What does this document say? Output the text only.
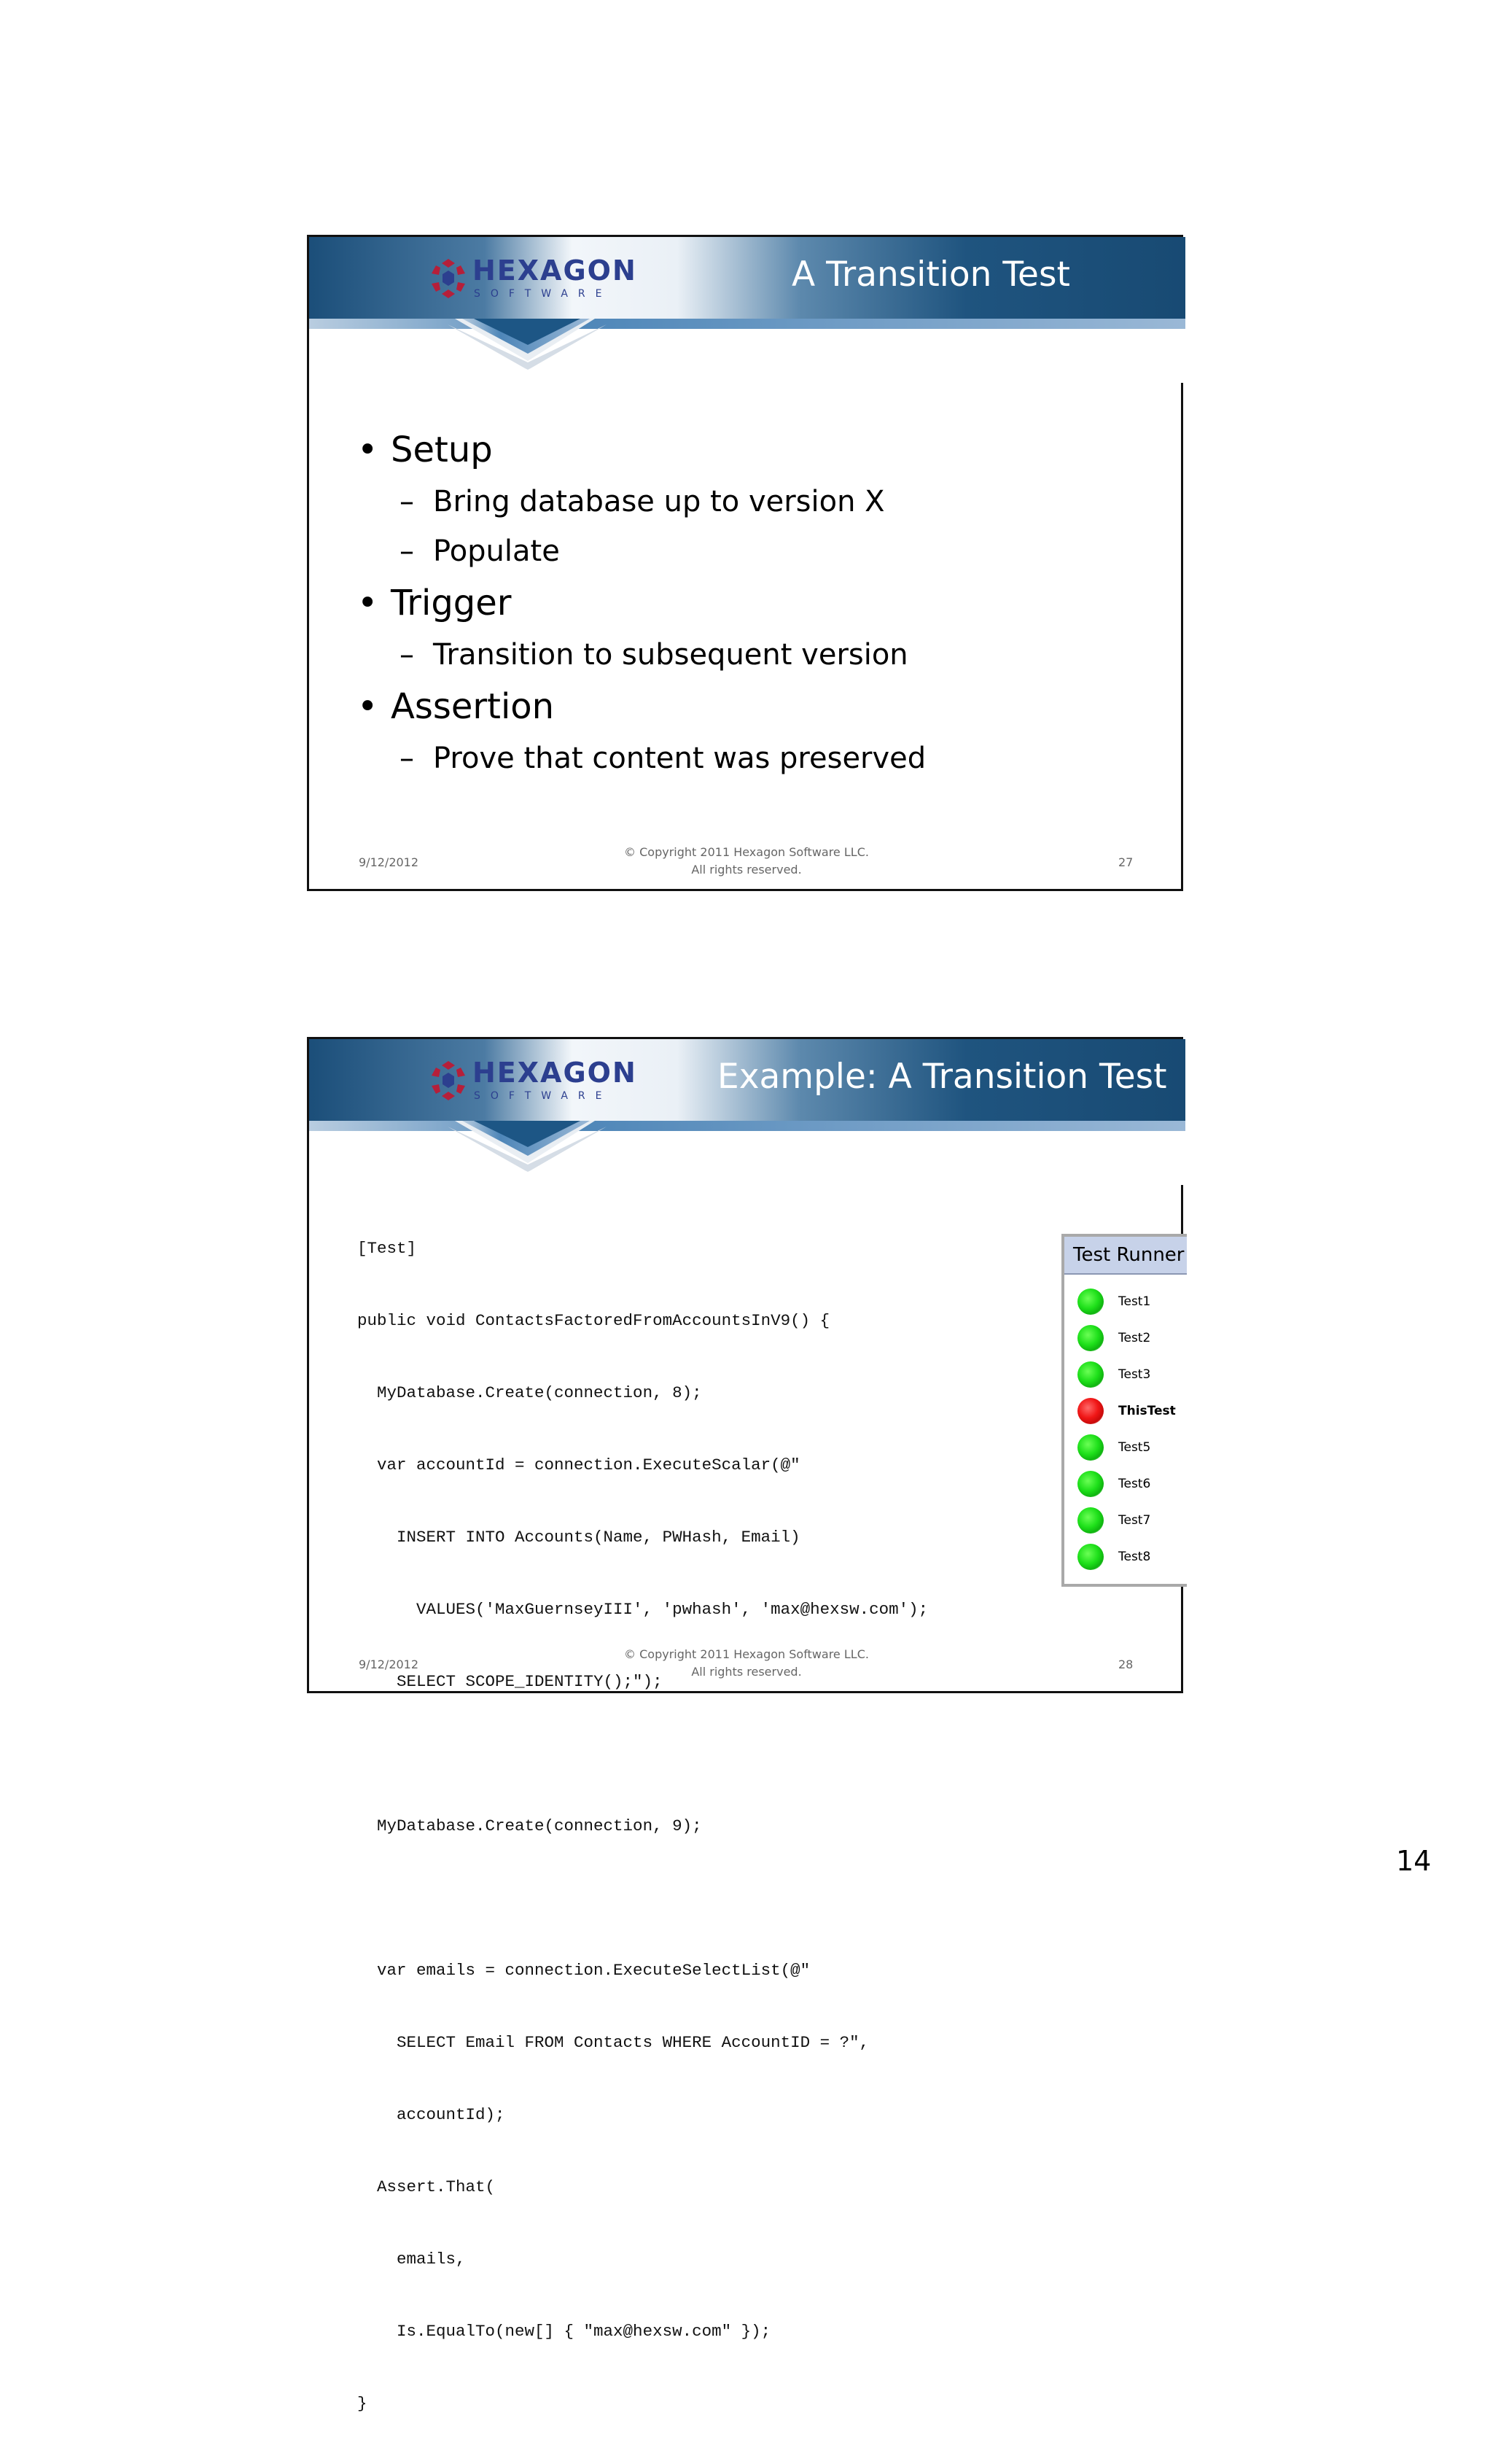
HEXAGON
SOFTWARE	A Transition Test
• Setup
– Bring database up to version X
– Populate
• Trigger
– Transition to subsequent version
• Assertion
– Prove that content was preserved
9/12/2012
© Copyright 2011 Hexagon Software LLC.
All rights reserved.
27
HEXAGON
SOFTWARE	Example: A Transition Test

[Test]

public void ContactsFactoredFromAccountsInV9() {

MyDatabase.Create(connection, 8);

var accountId = connection.ExecuteScalar(@"

INSERT INTO Accounts(Name, PWHash, Email)

VALUES('MaxGuernseyIII', 'pwhash', 'max@hexsw.com');

SELECT SCOPE_IDENTITY();");

MyDatabase.Create(connection, 9);

var emails = connection.ExecuteSelectList(@"

SELECT Email FROM Contacts WHERE AccountID = ?",

accountId);

Assert.That(

emails,

Is.EqualTo(new[] { "max@hexsw.com" });

}

Test Runner
Test1
Test2
Test3
ThisTest
Test5
Test6
Test7
Test8
9/12/2012
© Copyright 2011 Hexagon Software LLC.
All rights reserved.
28
14
